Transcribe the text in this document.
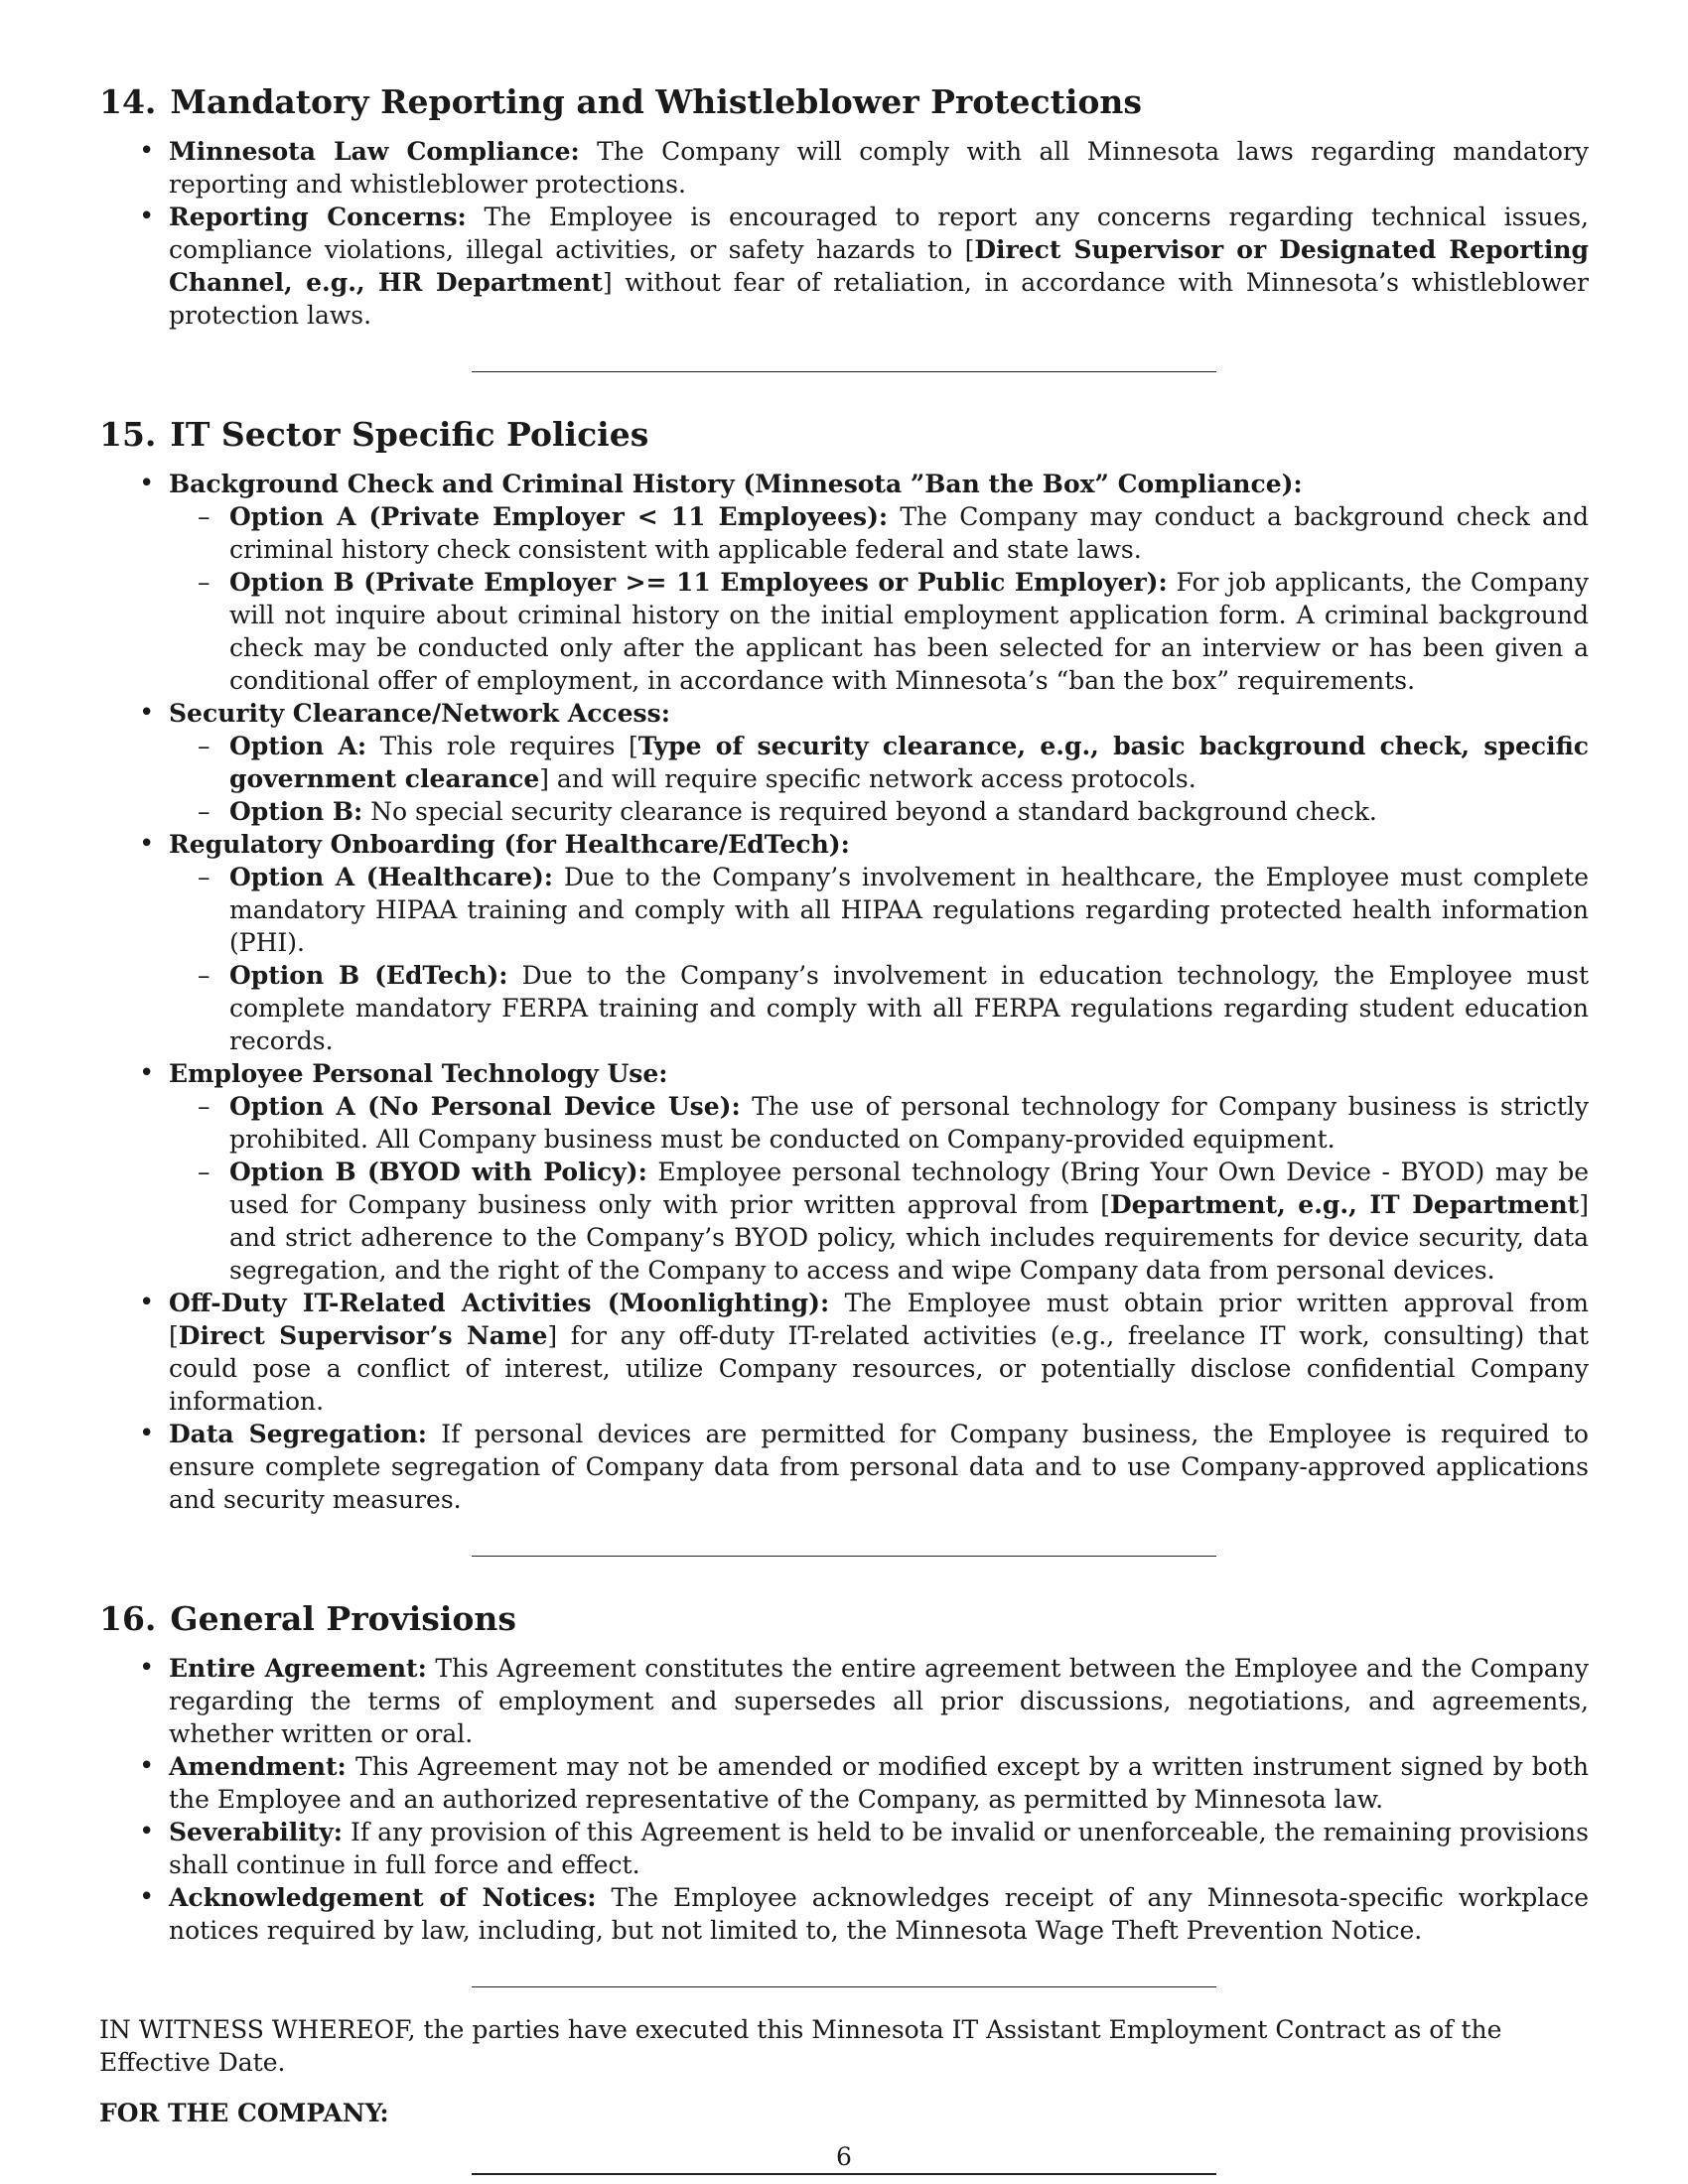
14. Mandatory Reporting and Whistleblower Protections
• Minnesota Law Compliance: The Company will comply with all Minnesota laws regarding mandatory reporting and whistleblower protections.
• Reporting Concerns: The Employee is encouraged to report any concerns regarding technical issues, compliance violations, illegal activities, or safety hazards to [Direct Supervisor or Designated Reporting Channel, e.g., HR Department] without fear of retaliation, in accordance with Minnesota’s whistleblower protection laws.
15. IT Sector Specific Policies
• Background Check and Criminal History (Minnesota ”Ban the Box” Compliance):
– Option A (Private Employer < 11 Employees): The Company may conduct a background check and criminal history check consistent with applicable federal and state laws.
– Option B (Private Employer >= 11 Employees or Public Employer): For job applicants, the Company will not inquire about criminal history on the initial employment application form. A criminal background check may be conducted only after the applicant has been selected for an interview or has been given a conditional offer of employment, in accordance with Minnesota’s “ban the box” requirements.
• Security Clearance/Network Access:
– Option A: This role requires [Type of security clearance, e.g., basic background check, specific government clearance] and will require specific network access protocols.
– Option B: No special security clearance is required beyond a standard background check.
• Regulatory Onboarding (for Healthcare/EdTech):
– Option A (Healthcare): Due to the Company’s involvement in healthcare, the Employee must complete mandatory HIPAA training and comply with all HIPAA regulations regarding protected health information (PHI).
– Option B (EdTech): Due to the Company’s involvement in education technology, the Employee must complete mandatory FERPA training and comply with all FERPA regulations regarding student education records.
• Employee Personal Technology Use:
– Option A (No Personal Device Use): The use of personal technology for Company business is strictly prohibited. All Company business must be conducted on Company-provided equipment.
– Option B (BYOD with Policy): Employee personal technology (Bring Your Own Device - BYOD) may be used for Company business only with prior written approval from [Department, e.g., IT Department] and strict adherence to the Company’s BYOD policy, which includes requirements for device security, data segregation, and the right of the Company to access and wipe Company data from personal devices.
• Off-Duty IT-Related Activities (Moonlighting): The Employee must obtain prior written approval from [Direct Supervisor’s Name] for any off-duty IT-related activities (e.g., freelance IT work, consulting) that could pose a conflict of interest, utilize Company resources, or potentially disclose confidential Company information.
• Data Segregation: If personal devices are permitted for Company business, the Employee is required to ensure complete segregation of Company data from personal data and to use Company-approved applications and security measures.
16. General Provisions
• Entire Agreement: This Agreement constitutes the entire agreement between the Employee and the Company regarding the terms of employment and supersedes all prior discussions, negotiations, and agreements, whether written or oral.
• Amendment: This Agreement may not be amended or modified except by a written instrument signed by both the Employee and an authorized representative of the Company, as permitted by Minnesota law.
• Severability: If any provision of this Agreement is held to be invalid or unenforceable, the remaining provisions shall continue in full force and effect.
• Acknowledgement of Notices: The Employee acknowledges receipt of any Minnesota-specific workplace notices required by law, including, but not limited to, the Minnesota Wage Theft Prevention Notice.

IN WITNESS WHEREOF, the parties have executed this Minnesota IT Assistant Employment Contract as of the Effective Date.

FOR THE COMPANY:

6
